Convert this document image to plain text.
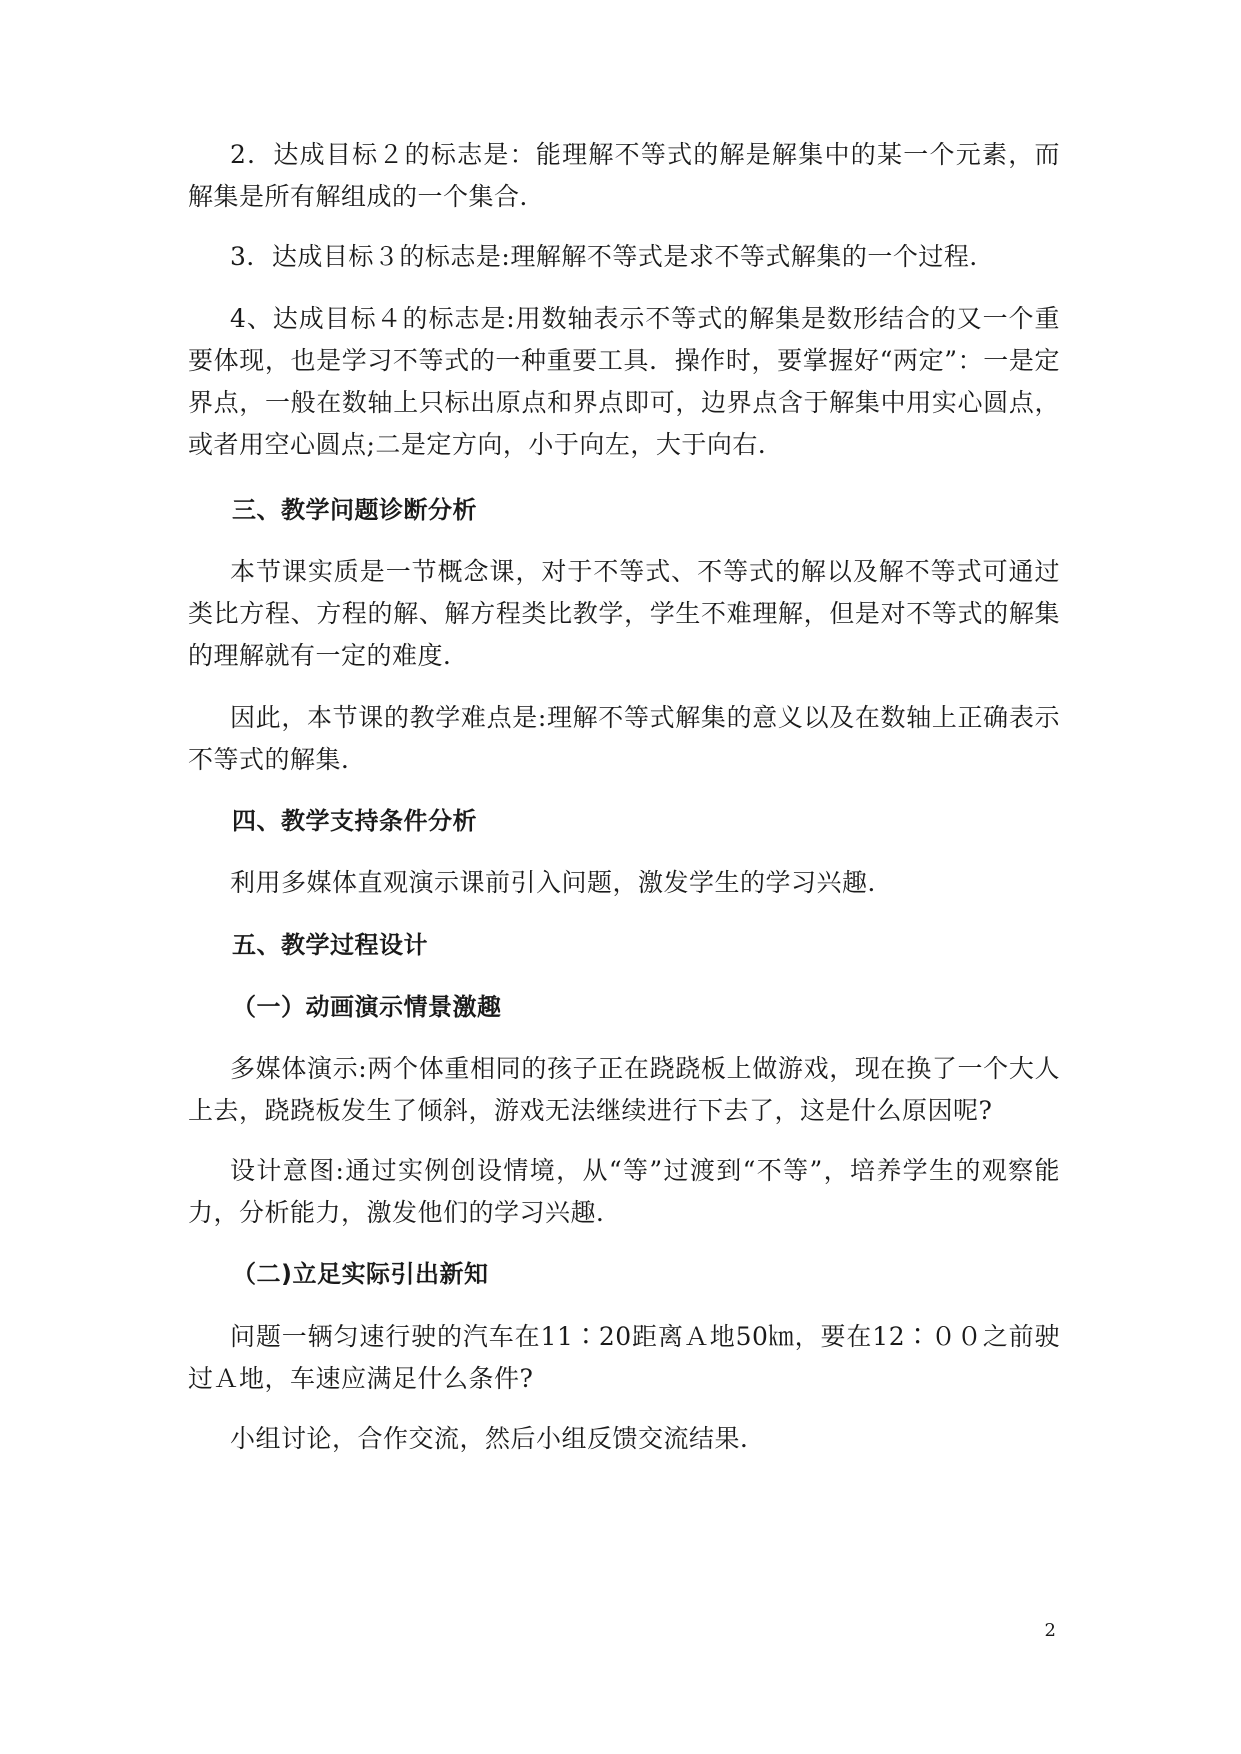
2．达成目标２的标志是：能理解不等式的解是解集中的某一个元素，而解集是所有解组成的一个集合．

3．达成目标３的标志是:理解解不等式是求不等式解集的一个过程．

4、达成目标４的标志是:用数轴表示不等式的解集是数形结合的又一个重要体现，也是学习不等式的一种重要工具．操作时，要掌握好“两定”：一是定界点，一般在数轴上只标出原点和界点即可，边界点含于解集中用实心圆点，或者用空心圆点;二是定方向，小于向左，大于向右．

三、教学问题诊断分析

本节课实质是一节概念课，对于不等式、不等式的解以及解不等式可通过类比方程、方程的解、解方程类比教学，学生不难理解，但是对不等式的解集的理解就有一定的难度．

因此，本节课的教学难点是:理解不等式解集的意义以及在数轴上正确表示不等式的解集．

四、教学支持条件分析

利用多媒体直观演示课前引入问题，激发学生的学习兴趣．

五、教学过程设计

（一）动画演示情景激趣

多媒体演示:两个体重相同的孩子正在跷跷板上做游戏，现在换了一个大人上去，跷跷板发生了倾斜，游戏无法继续进行下去了，这是什么原因呢?

设计意图:通过实例创设情境，从“等”过渡到“不等”，培养学生的观察能力，分析能力，激发他们的学习兴趣．

（二)立足实际引出新知

问题一辆匀速行驶的汽车在11∶20距离Ａ地50㎞，要在12∶００之前驶过Ａ地，车速应满足什么条件?

小组讨论，合作交流，然后小组反馈交流结果．

2
